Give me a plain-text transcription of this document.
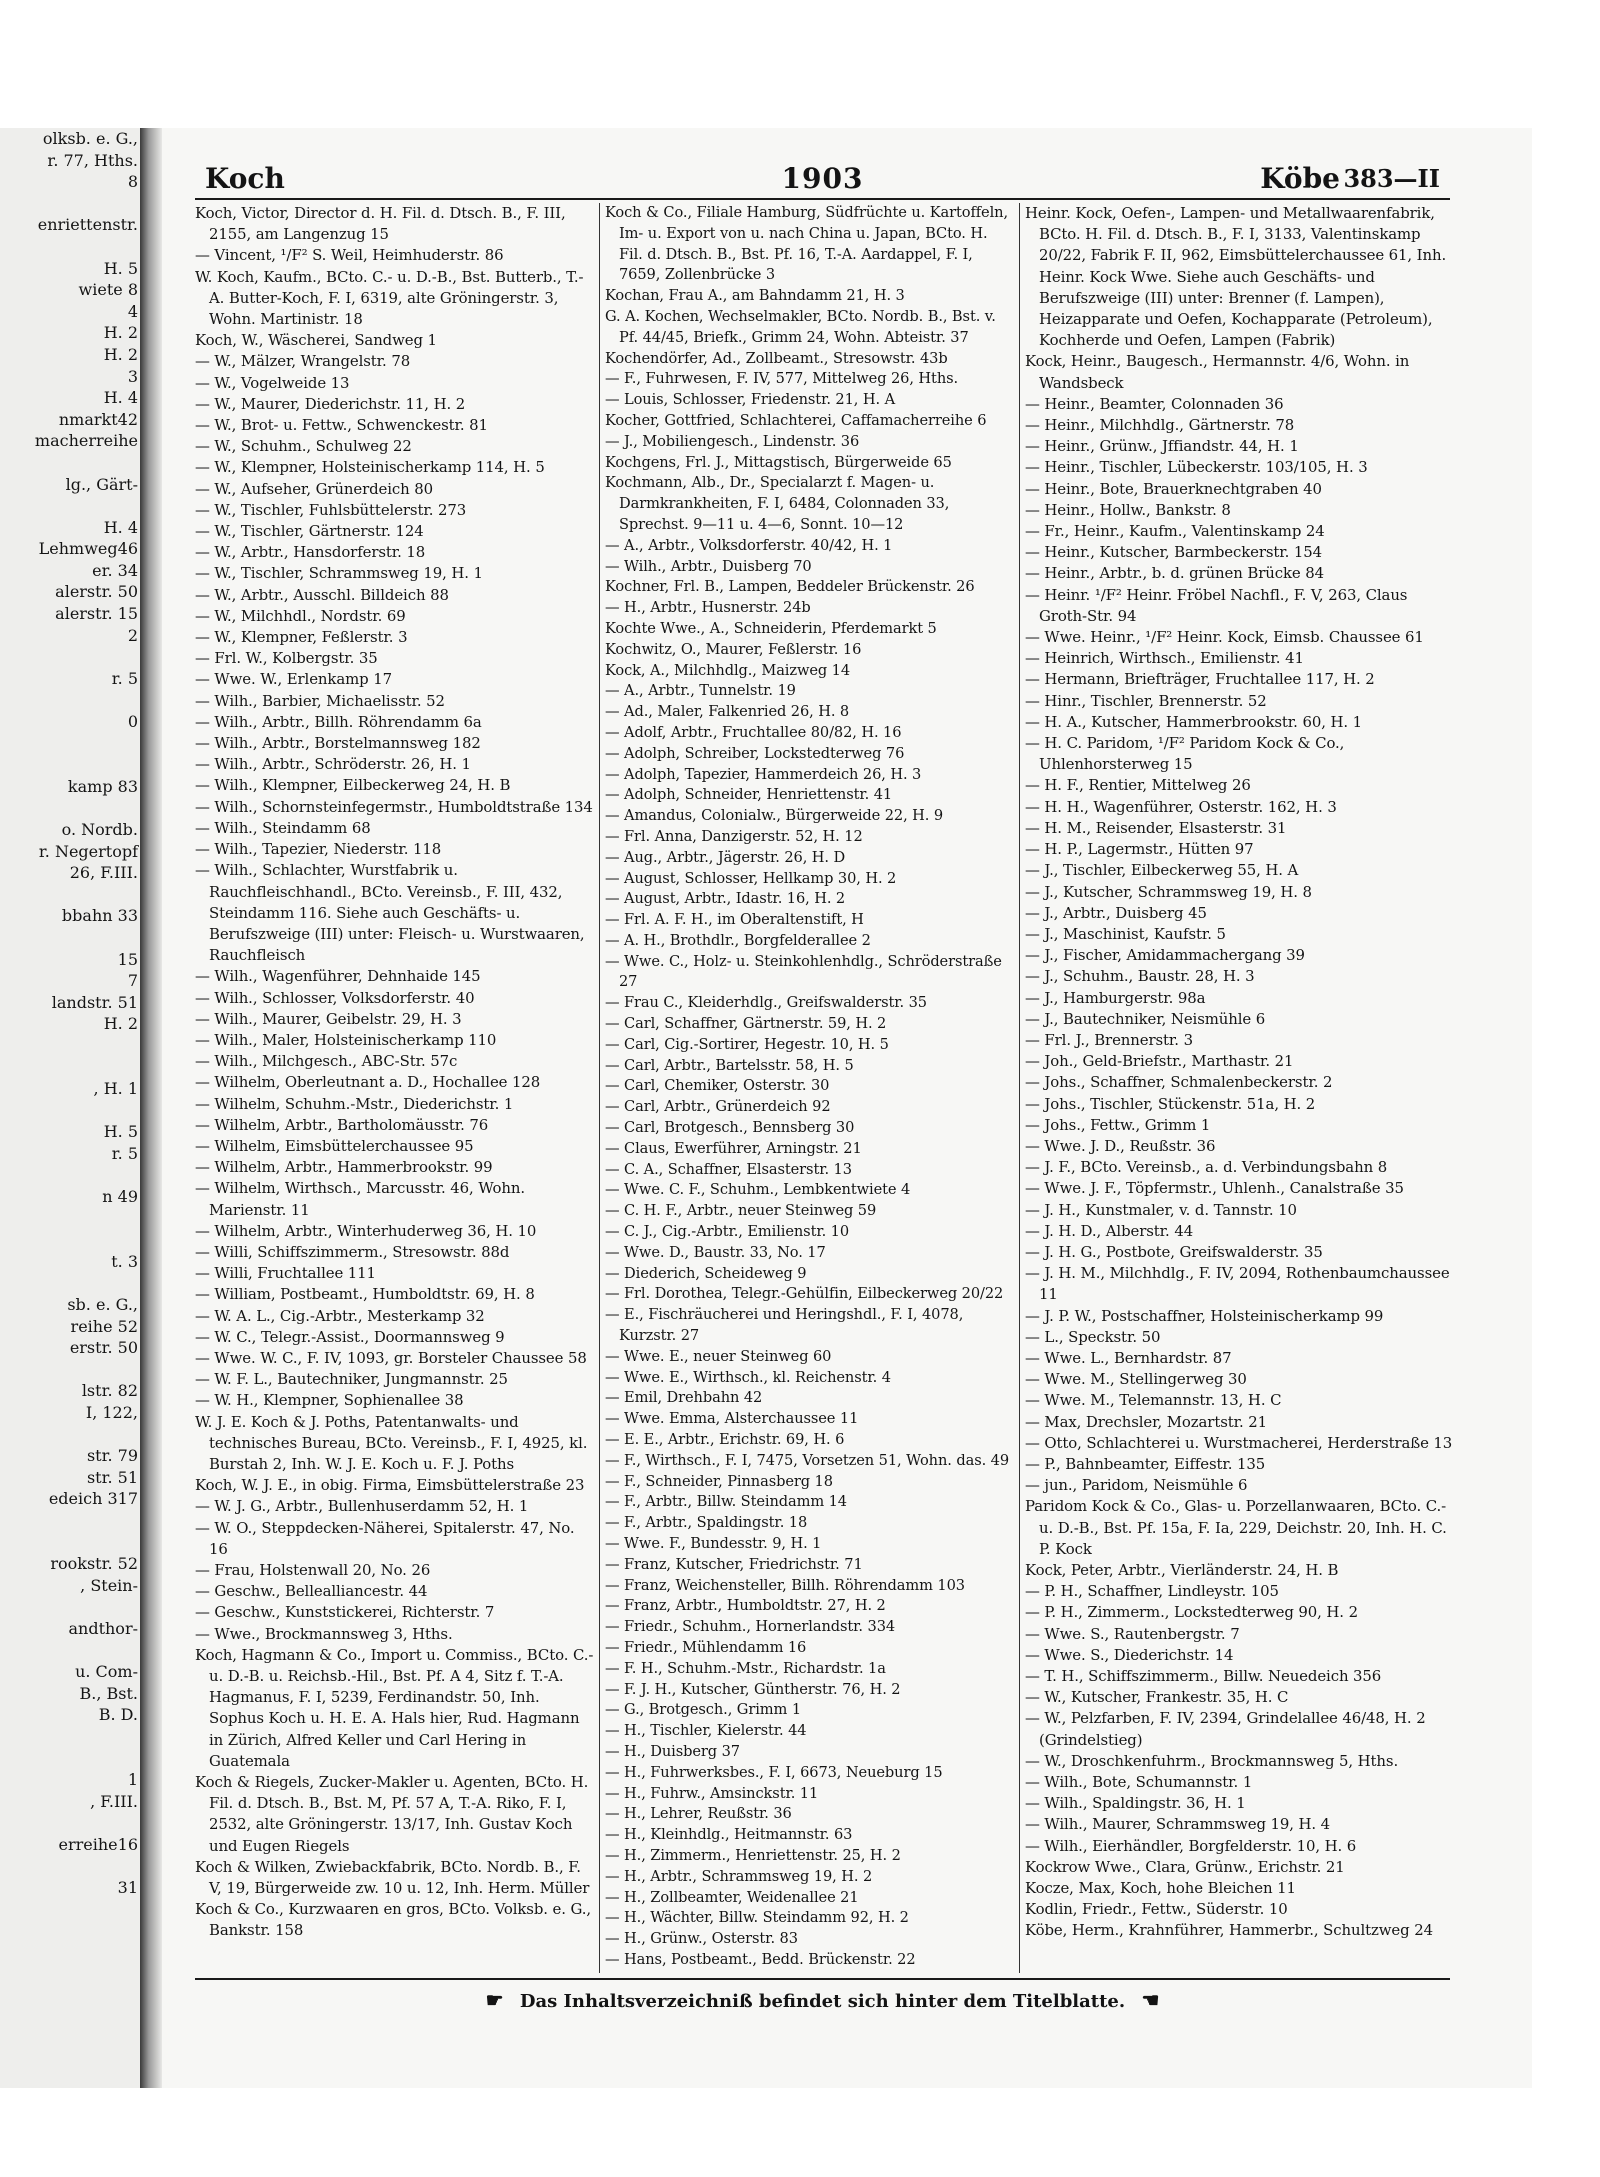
olksb. e. G.,
r. 77, Hths.
8
enriettenstr.
H. 5
wiete 8
4
H. 2
H. 2
3
H. 4
nmarkt42
macherreihe
lg., Gärt-
H. 4
Lehmweg46
er. 34
alerstr. 50
alerstr. 15
2
r. 5
0
kamp 83
o. Nordb.
r. Negertopf
26, F.III.
bbahn 33
15
7
landstr. 51
H. 2
, H. 1
H. 5
r. 5
n 49
t. 3
sb. e. G.,
reihe 52
erstr. 50
lstr. 82
I, 122,
str. 79
str. 51
edeich 317
rookstr. 52
, Stein-
andthor-
u. Com-
B., Bst.
B. D.
1
, F.III.
erreihe16
31
Koch	1903	Köbe 383—II
Koch, Victor, Director d. H. Fil. d. Dtsch. B., F. III, 2155, am Langenzug 15
— Vincent, ¹/F² S. Weil, Heimhuderstr. 86
W. Koch, Kaufm., BCto. C.- u. D.-B., Bst. Butterb., T.-A. Butter-Koch, F. I, 6319, alte Gröningerstr. 3, Wohn. Martinistr. 18
Koch, W., Wäscherei, Sandweg 1
— W., Mälzer, Wrangelstr. 78
— W., Vogelweide 13
— W., Maurer, Diederichstr. 11, H. 2
— W., Brot- u. Fettw., Schwenckestr. 81
— W., Schuhm., Schulweg 22
— W., Klempner, Holsteinischerkamp 114, H. 5
— W., Aufseher, Grünerdeich 80
— W., Tischler, Fuhlsbüttelerstr. 273
— W., Tischler, Gärtnerstr. 124
— W., Arbtr., Hansdorferstr. 18
— W., Tischler, Schrammsweg 19, H. 1
— W., Arbtr., Ausschl. Billdeich 88
— W., Milchhdl., Nordstr. 69
— W., Klempner, Feßlerstr. 3
— Frl. W., Kolbergstr. 35
— Wwe. W., Erlenkamp 17
— Wilh., Barbier, Michaelisstr. 52
— Wilh., Arbtr., Billh. Röhrendamm 6a
— Wilh., Arbtr., Borstelmannsweg 182
— Wilh., Arbtr., Schröderstr. 26, H. 1
— Wilh., Klempner, Eilbeckerweg 24, H. B
— Wilh., Schornsteinfegermstr., Humboldtstraße 134
— Wilh., Steindamm 68
— Wilh., Tapezier, Niederstr. 118
— Wilh., Schlachter, Wurstfabrik u. Rauchfleischhandl., BCto. Vereinsb., F. III, 432, Steindamm 116. Siehe auch Geschäfts- u. Berufszweige (III) unter: Fleisch- u. Wurstwaaren, Rauchfleisch
— Wilh., Wagenführer, Dehnhaide 145
— Wilh., Schlosser, Volksdorferstr. 40
— Wilh., Maurer, Geibelstr. 29, H. 3
— Wilh., Maler, Holsteinischerkamp 110
— Wilh., Milchgesch., ABC-Str. 57c
— Wilhelm, Oberleutnant a. D., Hochallee 128
— Wilhelm, Schuhm.-Mstr., Diederichstr. 1
— Wilhelm, Arbtr., Bartholomäusstr. 76
— Wilhelm, Eimsbüttelerchaussee 95
— Wilhelm, Arbtr., Hammerbrookstr. 99
— Wilhelm, Wirthsch., Marcusstr. 46, Wohn. Marienstr. 11
— Wilhelm, Arbtr., Winterhuderweg 36, H. 10
— Willi, Schiffszimmerm., Stresowstr. 88d
— Willi, Fruchtallee 111
— William, Postbeamt., Humboldtstr. 69, H. 8
— W. A. L., Cig.-Arbtr., Mesterkamp 32
— W. C., Telegr.-Assist., Doormannsweg 9
— Wwe. W. C., F. IV, 1093, gr. Borsteler Chaussee 58
— W. F. L., Bautechniker, Jungmannstr. 25
— W. H., Klempner, Sophienallee 38
W. J. E. Koch & J. Poths, Patentanwalts- und technisches Bureau, BCto. Vereinsb., F. I, 4925, kl. Burstah 2, Inh. W. J. E. Koch u. F. J. Poths
Koch, W. J. E., in obig. Firma, Eimsbüttelerstraße 23
— W. J. G., Arbtr., Bullenhuserdamm 52, H. 1
— W. O., Steppdecken-Näherei, Spitalerstr. 47, No. 16
— Frau, Holstenwall 20, No. 26
— Geschw., Bellealliancestr. 44
— Geschw., Kunststickerei, Richterstr. 7
— Wwe., Brockmannsweg 3, Hths.
Koch, Hagmann & Co., Import u. Commiss., BCto. C.- u. D.-B. u. Reichsb.-Hil., Bst. Pf. A 4, Sitz f. T.-A. Hagmanus, F. I, 5239, Ferdinandstr. 50, Inh. Sophus Koch u. H. E. A. Hals hier, Rud. Hagmann in Zürich, Alfred Keller und Carl Hering in Guatemala
Koch & Riegels, Zucker-Makler u. Agenten, BCto. H. Fil. d. Dtsch. B., Bst. M, Pf. 57 A, T.-A. Riko, F. I, 2532, alte Gröningerstr. 13/17, Inh. Gustav Koch und Eugen Riegels
Koch & Wilken, Zwiebackfabrik, BCto. Nordb. B., F. V, 19, Bürgerweide zw. 10 u. 12, Inh. Herm. Müller
Koch & Co., Kurzwaaren en gros, BCto. Volksb. e. G., Bankstr. 158
Koch & Co., Filiale Hamburg, Südfrüchte u. Kartoffeln, Im- u. Export von u. nach China u. Japan, BCto. H. Fil. d. Dtsch. B., Bst. Pf. 16, T.-A. Aardappel, F. I, 7659, Zollenbrücke 3
Kochan, Frau A., am Bahndamm 21, H. 3
G. A. Kochen, Wechselmakler, BCto. Nordb. B., Bst. v. Pf. 44/45, Briefk., Grimm 24, Wohn. Abteistr. 37
Kochendörfer, Ad., Zollbeamt., Stresowstr. 43b
— F., Fuhrwesen, F. IV, 577, Mittelweg 26, Hths.
— Louis, Schlosser, Friedenstr. 21, H. A
Kocher, Gottfried, Schlachterei, Caffamacherreihe 6
— J., Mobiliengesch., Lindenstr. 36
Kochgens, Frl. J., Mittagstisch, Bürgerweide 65
Kochmann, Alb., Dr., Specialarzt f. Magen- u. Darmkrankheiten, F. I, 6484, Colonnaden 33, Sprechst. 9—11 u. 4—6, Sonnt. 10—12
— A., Arbtr., Volksdorferstr. 40/42, H. 1
— Wilh., Arbtr., Duisberg 70
Kochner, Frl. B., Lampen, Beddeler Brückenstr. 26
— H., Arbtr., Husnerstr. 24b
Kochte Wwe., A., Schneiderin, Pferdemarkt 5
Kochwitz, O., Maurer, Feßlerstr. 16
Kock, A., Milchhdlg., Maizweg 14
— A., Arbtr., Tunnelstr. 19
— Ad., Maler, Falkenried 26, H. 8
— Adolf, Arbtr., Fruchtallee 80/82, H. 16
— Adolph, Schreiber, Lockstedterweg 76
— Adolph, Tapezier, Hammerdeich 26, H. 3
— Adolph, Schneider, Henriettenstr. 41
— Amandus, Colonialw., Bürgerweide 22, H. 9
— Frl. Anna, Danzigerstr. 52, H. 12
— Aug., Arbtr., Jägerstr. 26, H. D
— August, Schlosser, Hellkamp 30, H. 2
— August, Arbtr., Idastr. 16, H. 2
— Frl. A. F. H., im Oberaltenstift, H
— A. H., Brothdlr., Borgfelderallee 2
— Wwe. C., Holz- u. Steinkohlenhdlg., Schröderstraße 27
— Frau C., Kleiderhdlg., Greifswalderstr. 35
— Carl, Schaffner, Gärtnerstr. 59, H. 2
— Carl, Cig.-Sortirer, Hegestr. 10, H. 5
— Carl, Arbtr., Bartelsstr. 58, H. 5
— Carl, Chemiker, Osterstr. 30
— Carl, Arbtr., Grünerdeich 92
— Carl, Brotgesch., Bennsberg 30
— Claus, Ewerführer, Arningstr. 21
— C. A., Schaffner, Elsasterstr. 13
— Wwe. C. F., Schuhm., Lembkentwiete 4
— C. H. F., Arbtr., neuer Steinweg 59
— C. J., Cig.-Arbtr., Emilienstr. 10
— Wwe. D., Baustr. 33, No. 17
— Diederich, Scheideweg 9
— Frl. Dorothea, Telegr.-Gehülfin, Eilbeckerweg 20/22
— E., Fischräucherei und Heringshdl., F. I, 4078, Kurzstr. 27
— Wwe. E., neuer Steinweg 60
— Wwe. E., Wirthsch., kl. Reichenstr. 4
— Emil, Drehbahn 42
— Wwe. Emma, Alsterchaussee 11
— E. E., Arbtr., Erichstr. 69, H. 6
— F., Wirthsch., F. I, 7475, Vorsetzen 51, Wohn. das. 49
— F., Schneider, Pinnasberg 18
— F., Arbtr., Billw. Steindamm 14
— F., Arbtr., Spaldingstr. 18
— Wwe. F., Bundesstr. 9, H. 1
— Franz, Kutscher, Friedrichstr. 71
— Franz, Weichensteller, Billh. Röhrendamm 103
— Franz, Arbtr., Humboldtstr. 27, H. 2
— Friedr., Schuhm., Hornerlandstr. 334
— Friedr., Mühlendamm 16
— F. H., Schuhm.-Mstr., Richardstr. 1a
— F. J. H., Kutscher, Güntherstr. 76, H. 2
— G., Brotgesch., Grimm 1
— H., Tischler, Kielerstr. 44
— H., Duisberg 37
— H., Fuhrwerksbes., F. I, 6673, Neueburg 15
— H., Fuhrw., Amsinckstr. 11
— H., Lehrer, Reußstr. 36
— H., Kleinhdlg., Heitmannstr. 63
— H., Zimmerm., Henriettenstr. 25, H. 2
— H., Arbtr., Schrammsweg 19, H. 2
— H., Zollbeamter, Weidenallee 21
— H., Wächter, Billw. Steindamm 92, H. 2
— H., Grünw., Osterstr. 83
— Hans, Postbeamt., Bedd. Brückenstr. 22
Heinr. Kock, Oefen-, Lampen- und Metallwaarenfabrik, BCto. H. Fil. d. Dtsch. B., F. I, 3133, Valentinskamp 20/22, Fabrik F. II, 962, Eimsbüttelerchaussee 61, Inh. Heinr. Kock Wwe. Siehe auch Geschäfts- und Berufszweige (III) unter: Brenner (f. Lampen), Heizapparate und Oefen, Kochapparate (Petroleum), Kochherde und Oefen, Lampen (Fabrik)
Kock, Heinr., Baugesch., Hermannstr. 4/6, Wohn. in Wandsbeck
— Heinr., Beamter, Colonnaden 36
— Heinr., Milchhdlg., Gärtnerstr. 78
— Heinr., Grünw., Jffiandstr. 44, H. 1
— Heinr., Tischler, Lübeckerstr. 103/105, H. 3
— Heinr., Bote, Brauerknechtgraben 40
— Heinr., Hollw., Bankstr. 8
— Fr., Heinr., Kaufm., Valentinskamp 24
— Heinr., Kutscher, Barmbeckerstr. 154
— Heinr., Arbtr., b. d. grünen Brücke 84
— Heinr. ¹/F² Heinr. Fröbel Nachfl., F. V, 263, Claus Groth-Str. 94
— Wwe. Heinr., ¹/F² Heinr. Kock, Eimsb. Chaussee 61
— Heinrich, Wirthsch., Emilienstr. 41
— Hermann, Briefträger, Fruchtallee 117, H. 2
— Hinr., Tischler, Brennerstr. 52
— H. A., Kutscher, Hammerbrookstr. 60, H. 1
— H. C. Paridom, ¹/F² Paridom Kock & Co., Uhlenhorsterweg 15
— H. F., Rentier, Mittelweg 26
— H. H., Wagenführer, Osterstr. 162, H. 3
— H. M., Reisender, Elsasterstr. 31
— H. P., Lagermstr., Hütten 97
— J., Tischler, Eilbeckerweg 55, H. A
— J., Kutscher, Schrammsweg 19, H. 8
— J., Arbtr., Duisberg 45
— J., Maschinist, Kaufstr. 5
— J., Fischer, Amidammachergang 39
— J., Schuhm., Baustr. 28, H. 3
— J., Hamburgerstr. 98a
— J., Bautechniker, Neismühle 6
— Frl. J., Brennerstr. 3
— Joh., Geld-Briefstr., Marthastr. 21
— Johs., Schaffner, Schmalenbeckerstr. 2
— Johs., Tischler, Stückenstr. 51a, H. 2
— Johs., Fettw., Grimm 1
— Wwe. J. D., Reußstr. 36
— J. F., BCto. Vereinsb., a. d. Verbindungsbahn 8
— Wwe. J. F., Töpfermstr., Uhlenh., Canalstraße 35
— J. H., Kunstmaler, v. d. Tannstr. 10
— J. H. D., Alberstr. 44
— J. H. G., Postbote, Greifswalderstr. 35
— J. H. M., Milchhdlg., F. IV, 2094, Rothenbaumchaussee 11
— J. P. W., Postschaffner, Holsteinischerkamp 99
— L., Speckstr. 50
— Wwe. L., Bernhardstr. 87
— Wwe. M., Stellingerweg 30
— Wwe. M., Telemannstr. 13, H. C
— Max, Drechsler, Mozartstr. 21
— Otto, Schlachterei u. Wurstmacherei, Herderstraße 13
— P., Bahnbeamter, Eiffestr. 135
— jun., Paridom, Neismühle 6
Paridom Kock & Co., Glas- u. Porzellanwaaren, BCto. C.- u. D.-B., Bst. Pf. 15a, F. Ia, 229, Deichstr. 20, Inh. H. C. P. Kock
Kock, Peter, Arbtr., Vierländerstr. 24, H. B
— P. H., Schaffner, Lindleystr. 105
— P. H., Zimmerm., Lockstedterweg 90, H. 2
— Wwe. S., Rautenbergstr. 7
— Wwe. S., Diederichstr. 14
— T. H., Schiffszimmerm., Billw. Neuedeich 356
— W., Kutscher, Frankestr. 35, H. C
— W., Pelzfarben, F. IV, 2394, Grindelallee 46/48, H. 2 (Grindelstieg)
— W., Droschkenfuhrm., Brockmannsweg 5, Hths.
— Wilh., Bote, Schumannstr. 1
— Wilh., Spaldingstr. 36, H. 1
— Wilh., Maurer, Schrammsweg 19, H. 4
— Wilh., Eierhändler, Borgfelderstr. 10, H. 6
Kockrow Wwe., Clara, Grünw., Erichstr. 21
Kocze, Max, Koch, hohe Bleichen 11
Kodlin, Friedr., Fettw., Süderstr. 10
Köbe, Herm., Krahnführer, Hammerbr., Schultzweg 24
☛ Das Inhaltsverzeichniß befindet sich hinter dem Titelblatte. ☚
